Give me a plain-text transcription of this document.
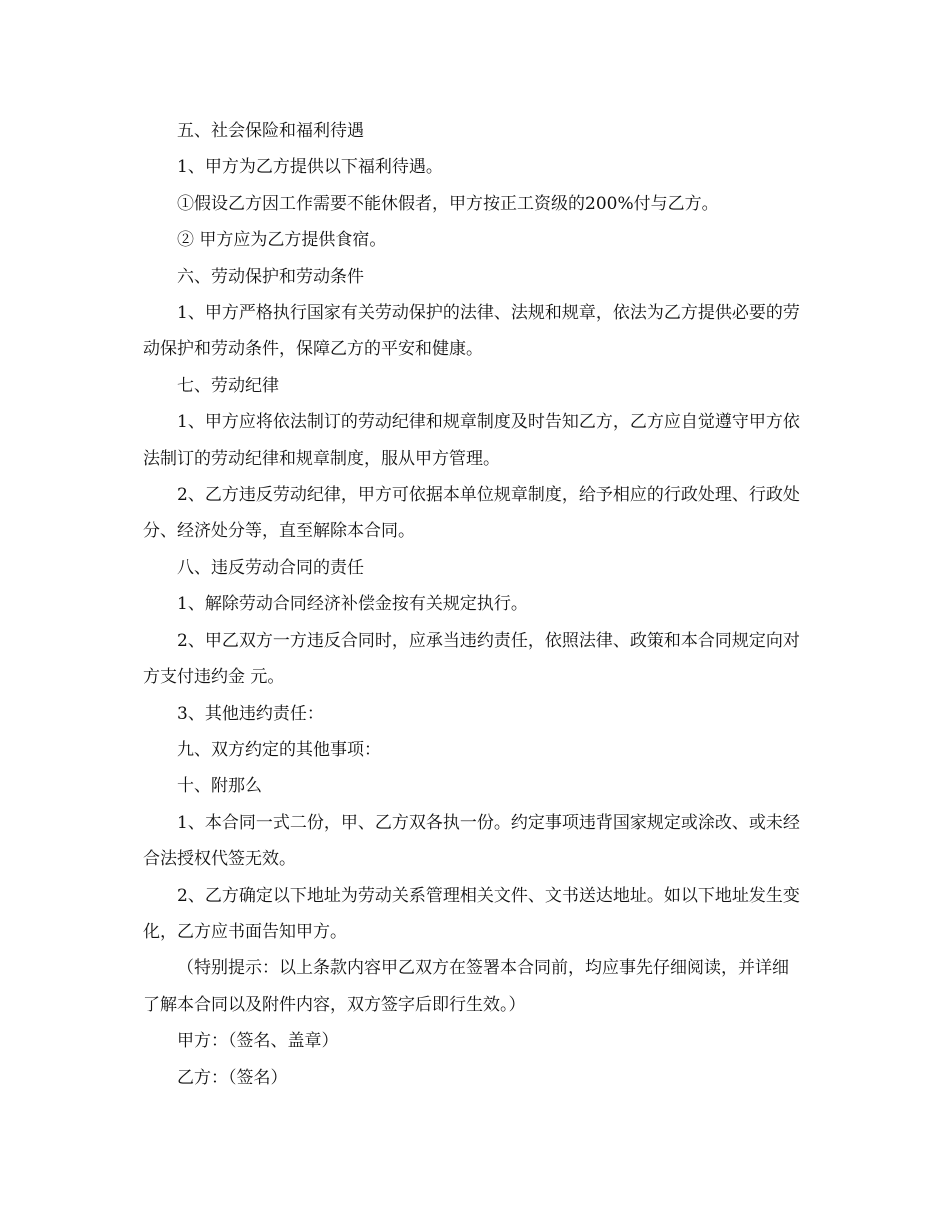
五、社会保险和福利待遇

1、甲方为乙方提供以下福利待遇。

①假设乙方因工作需要不能休假者，甲方按正工资级的200%付与乙方。

② 甲方应为乙方提供食宿。

六、劳动保护和劳动条件

1、甲方严格执行国家有关劳动保护的法律、法规和规章，依法为乙方提供必要的劳动保护和劳动条件，保障乙方的平安和健康。

七、劳动纪律

1、甲方应将依法制订的劳动纪律和规章制度及时告知乙方，乙方应自觉遵守甲方依法制订的劳动纪律和规章制度，服从甲方管理。

2、乙方违反劳动纪律，甲方可依据本单位规章制度，给予相应的行政处理、行政处分、经济处分等，直至解除本合同。

八、违反劳动合同的责任

1、解除劳动合同经济补偿金按有关规定执行。

2、甲乙双方一方违反合同时，应承当违约责任，依照法律、政策和本合同规定向对方支付违约金 元。

3、其他违约责任：

九、双方约定的其他事项：

十、附那么

1、本合同一式二份，甲、乙方双各执一份。约定事项违背国家规定或涂改、或未经合法授权代签无效。

2、乙方确定以下地址为劳动关系管理相关文件、文书送达地址。如以下地址发生变化，乙方应书面告知甲方。

（特别提示：以上条款内容甲乙双方在签署本合同前，均应事先仔细阅读，并详细了解本合同以及附件内容，双方签字后即行生效。）

甲方：（签名、盖章）

乙方：（签名）
